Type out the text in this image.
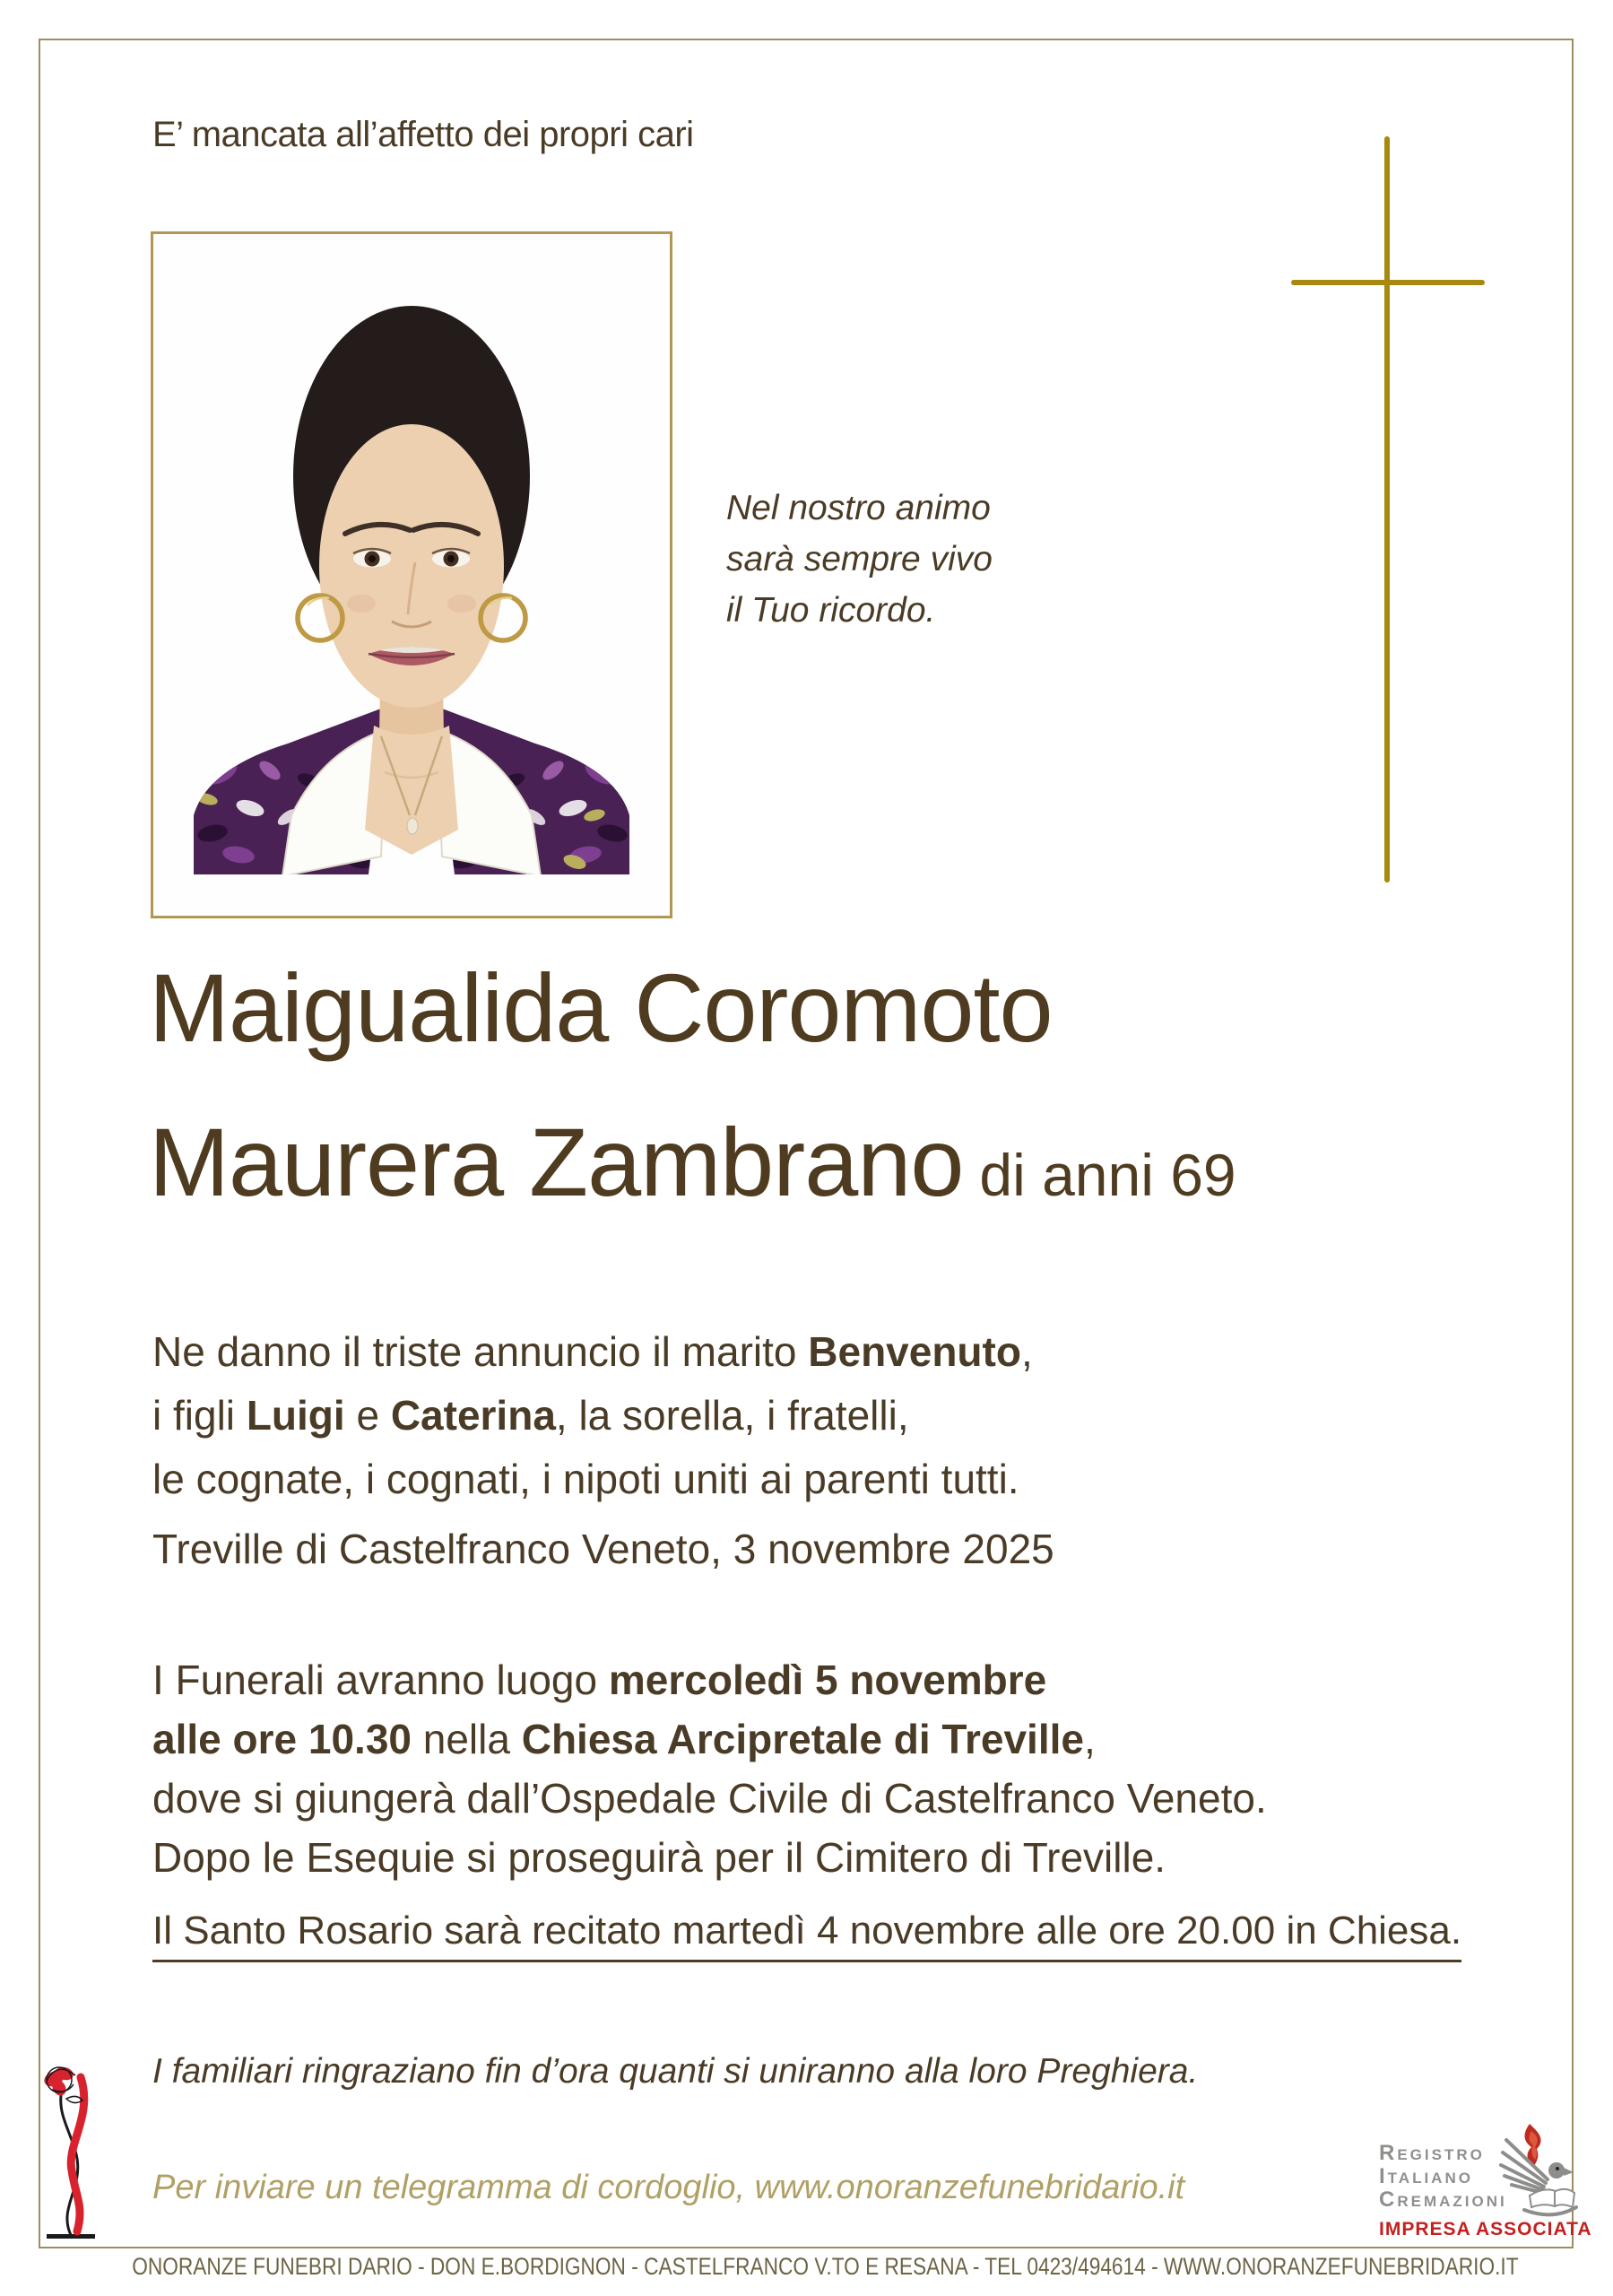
E’ mancata all’affetto dei propri cari
Nel nostro animo
sarà sempre vivo
il Tuo ricordo.
Maigualida Coromoto
Maurera Zambrano di anni 69
Ne danno il triste annuncio il marito Benvenuto,
i figli Luigi e Caterina, la sorella, i fratelli,
le cognate, i cognati, i nipoti uniti ai parenti tutti.
Treville di Castelfranco Veneto, 3 novembre 2025
I Funerali avranno luogo mercoledì 5 novembre
alle ore 10.30 nella Chiesa Arcipretale di Treville,
dove si giungerà dall’Ospedale Civile di Castelfranco Veneto.
Dopo le Esequie si proseguirà per il Cimitero di Treville.
Il Santo Rosario sarà recitato martedì 4 novembre alle ore 20.00 in Chiesa.
I familiari ringraziano fin d’ora quanti si uniranno alla loro Preghiera.
Per inviare un telegramma di cordoglio, www.onoranzefunebridario.it
Registro
Italiano
Cremazioni
IMPRESA ASSOCIATA
ONORANZE FUNEBRI DARIO - DON E.BORDIGNON - CASTELFRANCO V.TO E RESANA - TEL 0423/494614 - WWW.ONORANZEFUNEBRIDARIO.IT
